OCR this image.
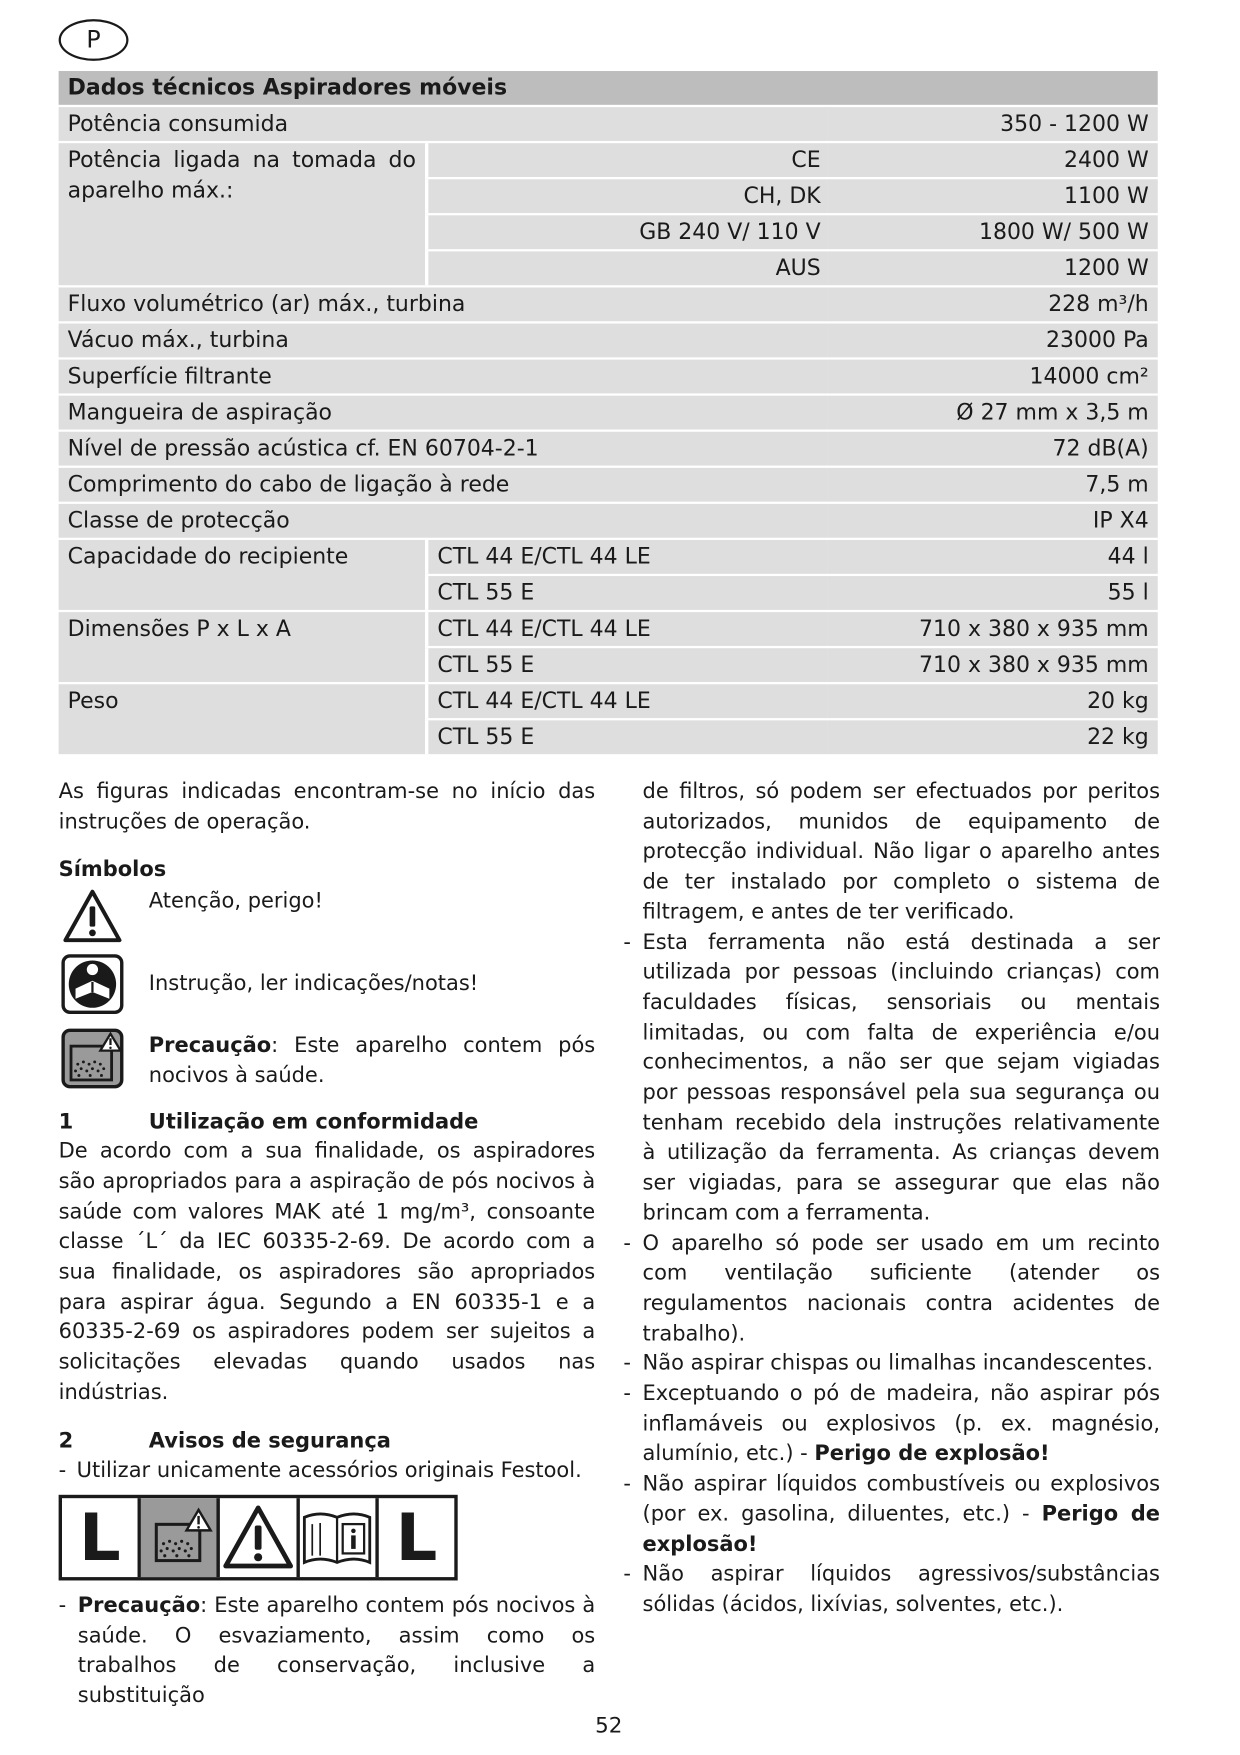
P
Dados técnicos Aspiradores móveis		
Potência consumida		350 - 1200 W
Potência ligada na tomada do aparelho máx.:	CE	2400 W
	CH, DK	1100 W
	GB 240 V/ 110 V	1800 W/ 500 W
	AUS	1200 W
Fluxo volumétrico (ar) máx., turbina		228 m³/h
Vácuo máx., turbina		23000 Pa
Superfície filtrante		14000 cm²
Mangueira de aspiração		Ø 27 mm x 3,5 m
Nível de pressão acústica cf. EN 60704-2-1		72 dB(A)
Comprimento do cabo de ligação à rede		7,5 m
Classe de protecção		IP X4
Capacidade do recipiente	CTL 44 E/CTL 44 LE	44 l
	CTL 55 E	55 l
Dimensões P x L x A	CTL 44 E/CTL 44 LE	710 x 380 x 935 mm
	CTL 55 E	710 x 380 x 935 mm
Peso	CTL 44 E/CTL 44 LE	20 kg
	CTL 55 E	22 kg

As figuras indicadas encontram-se no início das instruções de operação.

Símbolos

Atenção, perigo!
Instrução, ler indicações/notas!

Precaução: Este aparelho contem pós nocivos à saúde.

1	Utilização em conformidade

De acordo com a sua finalidade, os aspiradores são apropriados para a aspiração de pós nocivos à saúde com valores MAK até 1 mg/m³, consoante classe ´L´ da IEC 60335-2-69. De acordo com a sua finalidade, os aspiradores são apropriados para aspirar água. Segundo a EN 60335-1 e a 60335-2-69 os aspiradores podem ser sujeitos a solicitações elevadas quando usados nas indústrias.

2	Avisos de segurança
- Utilizar unicamente acessórios originais Festool.
L	L
- Precaução: Este aparelho contem pós nocivos à saúde. O esvaziamento, assim como os trabalhos de conservação, inclusive a substituição

de filtros, só podem ser efectuados por peritos autorizados, munidos de equipamento de protecção individual. Não ligar o aparelho antes de ter instalado por completo o sistema de filtragem, e antes de ter verificado.

- Esta ferramenta não está destinada a ser utilizada por pessoas (incluindo crianças) com faculdades físicas, sensoriais ou mentais limitadas, ou com falta de experiência e/ou conhecimentos, a não ser que sejam vigiadas por pessoas responsável pela sua segurança ou tenham recebido dela instruções relativamente à utilização da ferramenta. As crianças devem ser vigiadas, para se assegurar que elas não brincam com a ferramenta.
- O aparelho só pode ser usado em um recinto com ventilação suficiente (atender os regulamentos nacionais contra acidentes de trabalho).
- Não aspirar chispas ou limalhas incandescentes.
- Exceptuando o pó de madeira, não aspirar pós inflamáveis ou explosivos (p. ex. magnésio, alumínio, etc.) - Perigo de explosão!
- Não aspirar líquidos combustíveis ou explosivos (por ex. gasolina, diluentes, etc.) - Perigo de explosão!
- Não aspirar líquidos agressivos/substâncias sólidas (ácidos, lixívias, solventes, etc.).
52
